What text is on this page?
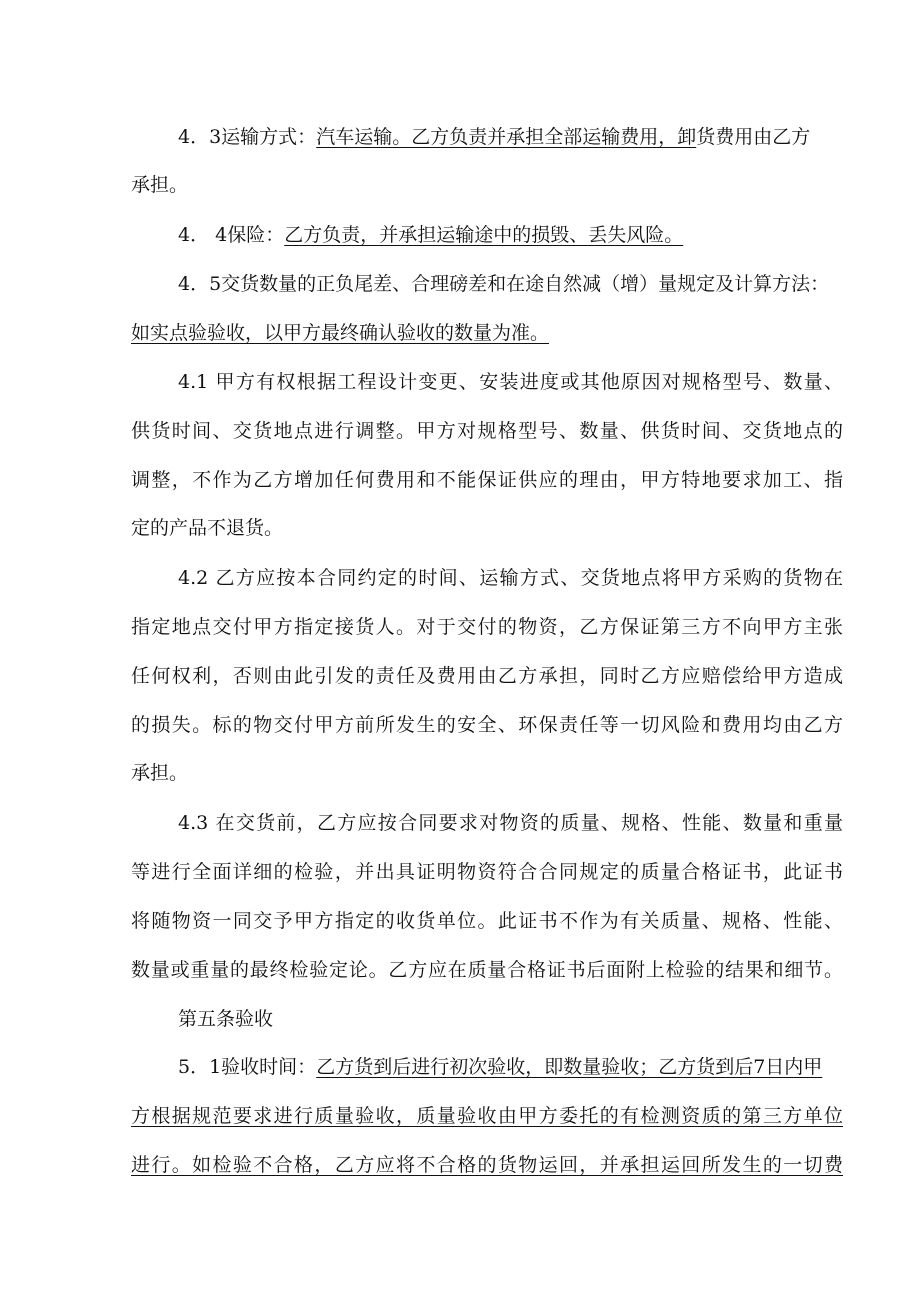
4．3运输方式：汽车运输。乙方负责并承担全部运输费用，卸货费用由乙方
承担。
4． 4保险：乙方负责，并承担运输途中的损毁、丢失风险。
4．5交货数量的正负尾差、合理磅差和在途自然减（增）量规定及计算方法：
如实点验验收，以甲方最终确认验收的数量为准。
4.1 甲方有权根据工程设计变更、安装进度或其他原因对规格型号、数量、
供货时间、交货地点进行调整。甲方对规格型号、数量、供货时间、交货地点的
调整，不作为乙方增加任何费用和不能保证供应的理由，甲方特地要求加工、指
定的产品不退货。
4.2 乙方应按本合同约定的时间、运输方式、交货地点将甲方采购的货物在
指定地点交付甲方指定接货人。对于交付的物资，乙方保证第三方不向甲方主张
任何权利，否则由此引发的责任及费用由乙方承担，同时乙方应赔偿给甲方造成
的损失。标的物交付甲方前所发生的安全、环保责任等一切风险和费用均由乙方
承担。
4.3 在交货前，乙方应按合同要求对物资的质量、规格、性能、数量和重量
等进行全面详细的检验，并出具证明物资符合合同规定的质量合格证书，此证书
将随物资一同交予甲方指定的收货单位。此证书不作为有关质量、规格、性能、
数量或重量的最终检验定论。乙方应在质量合格证书后面附上检验的结果和细节。
第五条验收
5．1验收时间：乙方货到后进行初次验收，即数量验收；乙方货到后7日内甲
方根据规范要求进行质量验收，质量验收由甲方委托的有检测资质的第三方单位
进行。如检验不合格，乙方应将不合格的货物运回，并承担运回所发生的一切费
